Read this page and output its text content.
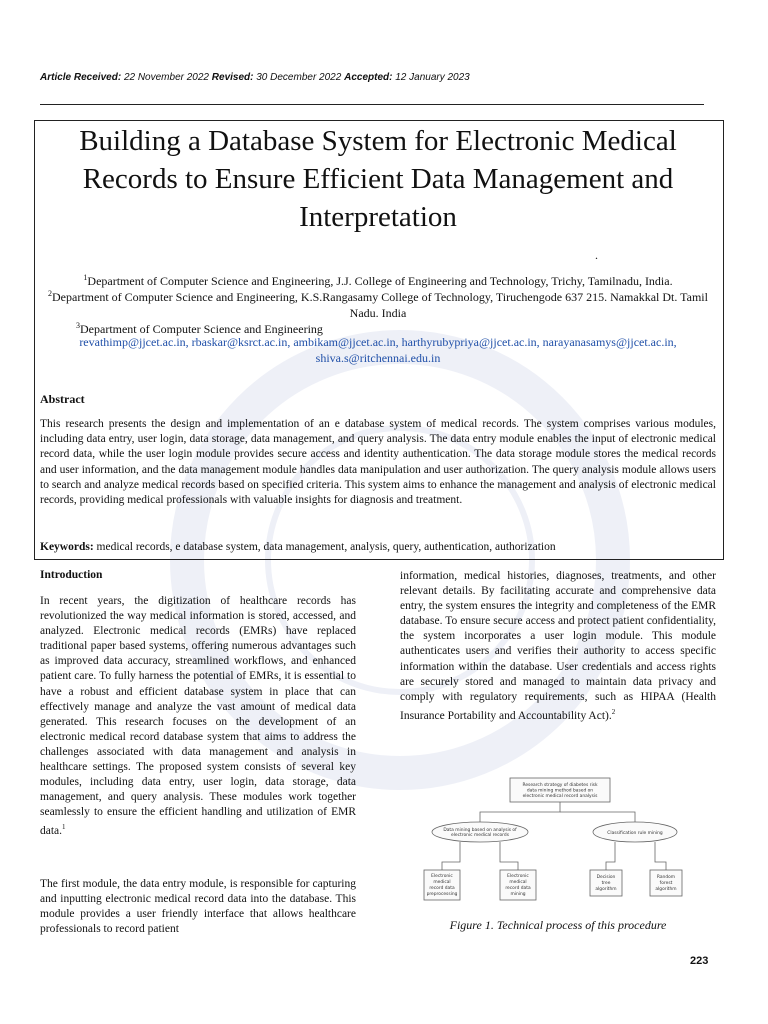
Article Received: 22 November 2022 Revised: 30 December 2022 Accepted: 12 January 2023
Building a Database System for Electronic Medical Records to Ensure Efficient Data Management and Interpretation
.
$^1$Department of Computer Science and Engineering, J.J. College of Engineering and Technology, Trichy, Tamilnadu, India.
$^2$Department of Computer Science and Engineering, K.S.Rangasamy College of Technology, Tiruchengode 637 215. Namakkal Dt. Tamil Nadu. India
$^3$Department of Computer Science and Engineering
revathimp@jjcet.ac.in, rbaskar@ksrct.ac.in, ambikam@jjcet.ac.in, harthyrubypriya@jjcet.ac.in, narayanasamys@jjcet.ac.in, shiva.s@ritchennai.edu.in
Abstract
This research presents the design and implementation of an e database system of medical records. The system comprises various modules, including data entry, user login, data storage, data management, and query analysis. The data entry module enables the input of electronic medical record data, while the user login module provides secure access and identity authentication. The data storage module stores the medical records and user information, and the data management module handles data manipulation and user authorization. The query analysis module allows users to search and analyze medical records based on specified criteria. This system aims to enhance the management and analysis of electronic medical records, providing medical professionals with valuable insights for diagnosis and treatment.
Keywords: medical records, e database system, data management, analysis, query, authentication, authorization
Introduction
In recent years, the digitization of healthcare records has revolutionized the way medical information is stored, accessed, and analyzed. Electronic medical records (EMRs) have replaced traditional paper based systems, offering numerous advantages such as improved data accuracy, streamlined workflows, and enhanced patient care. To fully harness the potential of EMRs, it is essential to have a robust and efficient database system in place that can effectively manage and analyze the vast amount of medical data generated. This research focuses on the development of an electronic medical record database system that aims to address the challenges associated with data management and analysis in healthcare settings. The proposed system consists of several key modules, including data entry, user login, data storage, data management, and query analysis. These modules work together seamlessly to ensure the efficient handling and utilization of EMR data.$^1$
The first module, the data entry module, is responsible for capturing and inputting electronic medical record data into the database. This module provides a user friendly interface that allows healthcare professionals to record patient
information, medical histories, diagnoses, treatments, and other relevant details. By facilitating accurate and comprehensive data entry, the system ensures the integrity and completeness of the EMR database. To ensure secure access and protect patient confidentiality, the system incorporates a user login module. This module authenticates users and verifies their authority to access specific information within the database. User credentials and access rights are securely stored and managed to maintain data privacy and comply with regulatory requirements, such as HIPAA (Health Insurance Portability and Accountability Act).$^2$
Research strategy of diabetes risk
data mining method based on
electronic medical record analysis
Data mining based on analysis of
electronic medical records	Classification rule mining
Electronic
medical
record data
preprocessing
Electronic
medical
record data
mining
Decision
tree
algorithm
Random
forest
algorithm
Figure 1. Technical process of this procedure
223
